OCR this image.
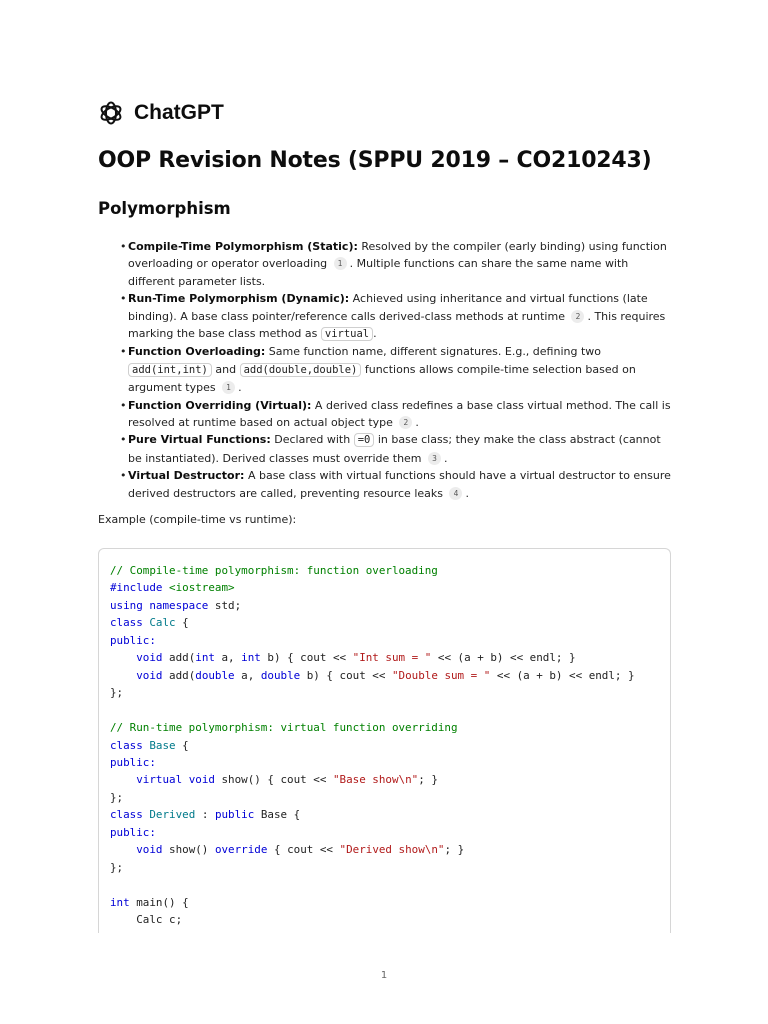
ChatGPT
OOP Revision Notes (SPPU 2019 – CO210243)
Polymorphism
• Compile-Time Polymorphism (Static): Resolved by the compiler (early binding) using function overloading or operator overloading 1 . Multiple functions can share the same name with different parameter lists.
• Run-Time Polymorphism (Dynamic): Achieved using inheritance and virtual functions (late binding). A base class pointer/reference calls derived-class methods at runtime 2 . This requires marking the base class method as virtual .
• Function Overloading: Same function name, different signatures. E.g., defining two add(int,int) and add(double,double) functions allows compile-time selection based on argument types 1 .
• Function Overriding (Virtual): A derived class redefines a base class virtual method. The call is resolved at runtime based on actual object type 2 .
• Pure Virtual Functions: Declared with =0 in base class; they make the class abstract (cannot be instantiated). Derived classes must override them 3 .
• Virtual Destructor: A base class with virtual functions should have a virtual destructor to ensure derived destructors are called, preventing resource leaks 4 .
Example (compile-time vs runtime):
// Compile-time polymorphism: function overloading
#include <iostream>
using namespace std;
class Calc {
public:
void add(int a, int b) { cout << "Int sum = " << (a + b) << endl; }
void add(double a, double b) { cout << "Double sum = " << (a + b) << endl; }
};

// Run-time polymorphism: virtual function overriding
class Base {
public:
virtual void show() { cout << "Base show\n"; }
};
class Derived : public Base {
public:
void show() override { cout << "Derived show\n"; }
};

int main() {
Calc c;
1
